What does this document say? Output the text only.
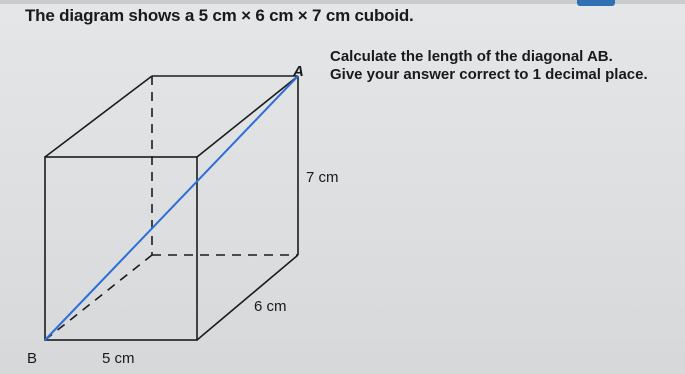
The diagram shows a 5 cm × 6 cm × 7 cm cuboid.
Calculate the length of the diagonal AB.
Give your answer correct to 1 decimal place.
A
B
7 cm
6 cm
5 cm
